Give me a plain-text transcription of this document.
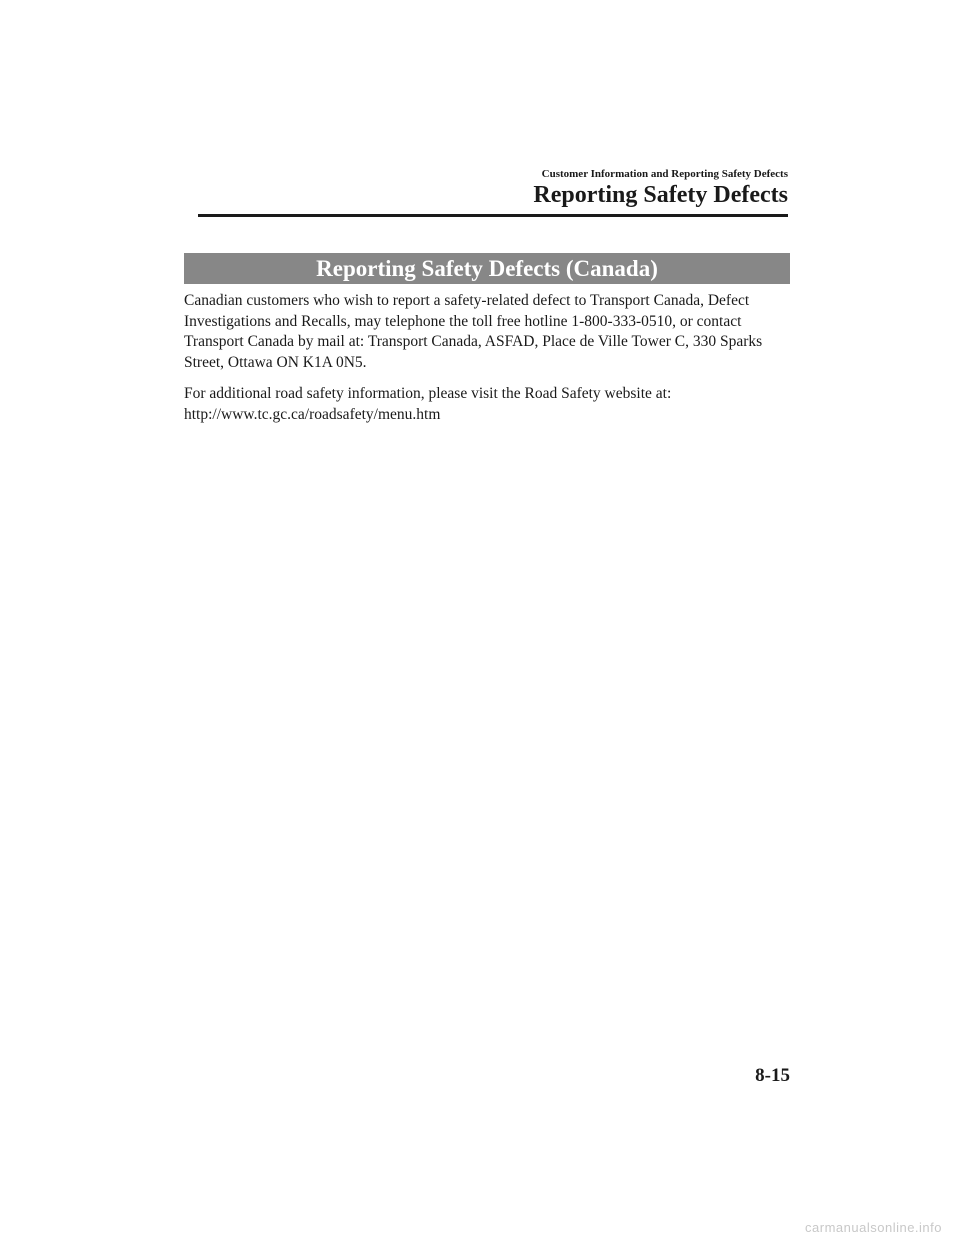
Customer Information and Reporting Safety Defects
Reporting Safety Defects
Reporting Safety Defects (Canada)

Canadian customers who wish to report a safety-related defect to Transport Canada, Defect Investigations and Recalls, may telephone the toll free hotline 1-800-333-0510, or contact Transport Canada by mail at: Transport Canada, ASFAD, Place de Ville Tower C, 330 Sparks Street, Ottawa ON K1A 0N5.

For additional road safety information, please visit the Road Safety website at:
http://www.tc.gc.ca/roadsafety/menu.htm

8-15
carmanualsonline.info
